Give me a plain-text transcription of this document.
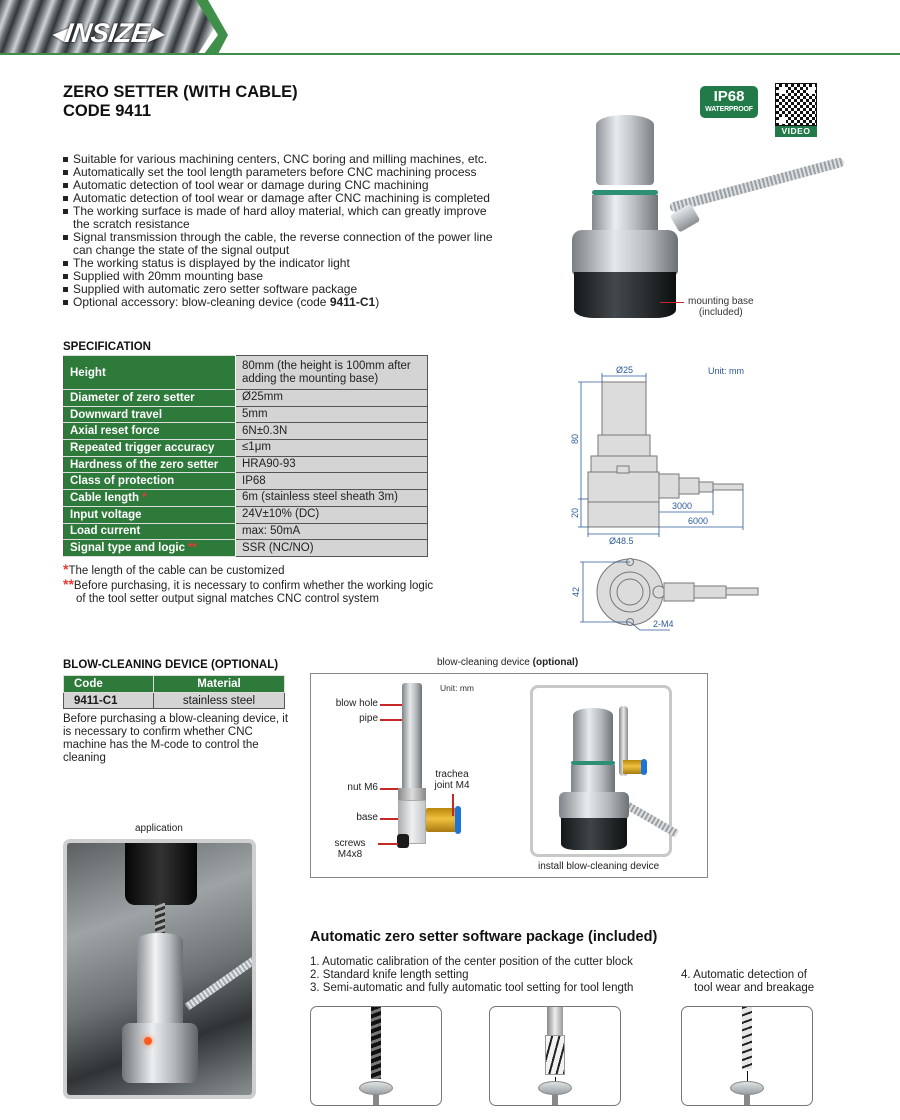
◂INSIZE▸
ZERO SETTER (WITH CABLE)
CODE 9411
Suitable for various machining centers, CNC boring and milling machines, etc.
Automatically set the tool length parameters before CNC machining process
Automatic detection of tool wear or damage during CNC machining
Automatic detection of tool wear or damage after CNC machining is completed
The working surface is made of hard alloy material, which can greatly improve the scratch resistance
Signal transmission through the cable, the reverse connection of the power line can change the state of the signal output
The working status is displayed by the indicator light
Supplied with 20mm mounting base
Supplied with automatic zero setter software package
Optional accessory: blow-cleaning device (code 9411-C1)
IP68
WATERPROOF
VIDEO
mounting base
(included)
SPECIFICATION
Height	80mm (the height is 100mm after adding the mounting base)
Diameter of zero setter	Ø25mm
Downward travel	5mm
Axial reset force	6N±0.3N
Repeated trigger accuracy	≤1μm
Hardness of the zero setter	HRA90-93
Class of protection	IP68
Cable length *	6m (stainless steel sheath 3m)
Input voltage	24V±10% (DC)
Load current	max: 50mA
Signal type and logic **	SSR (NC/NO)
*The length of the cable can be customized
**Before purchasing, it is necessary to confirm whether the working logic
of the tool setter output signal matches CNC control system
Unit: mm
Ø25
80
20
3000
6000
Ø48.5
42
2-M4
BLOW-CLEANING DEVICE (OPTIONAL)
Code	Material
9411-C1	stainless steel
Before purchasing a blow-cleaning device, it is necessary to confirm whether CNC machine has the M-code to control the cleaning
blow-cleaning device (optional)
Unit: mm
blow hole
pipe
nut M6
trachea
joint M4
base
screws
M4x8
install blow-cleaning device
application
Automatic zero setter software package (included)
1. Automatic calibration of the center position of the cutter block
2. Standard knife length setting
3. Semi-automatic and fully automatic tool setting for tool length
4. Automatic detection of
tool wear and breakage
